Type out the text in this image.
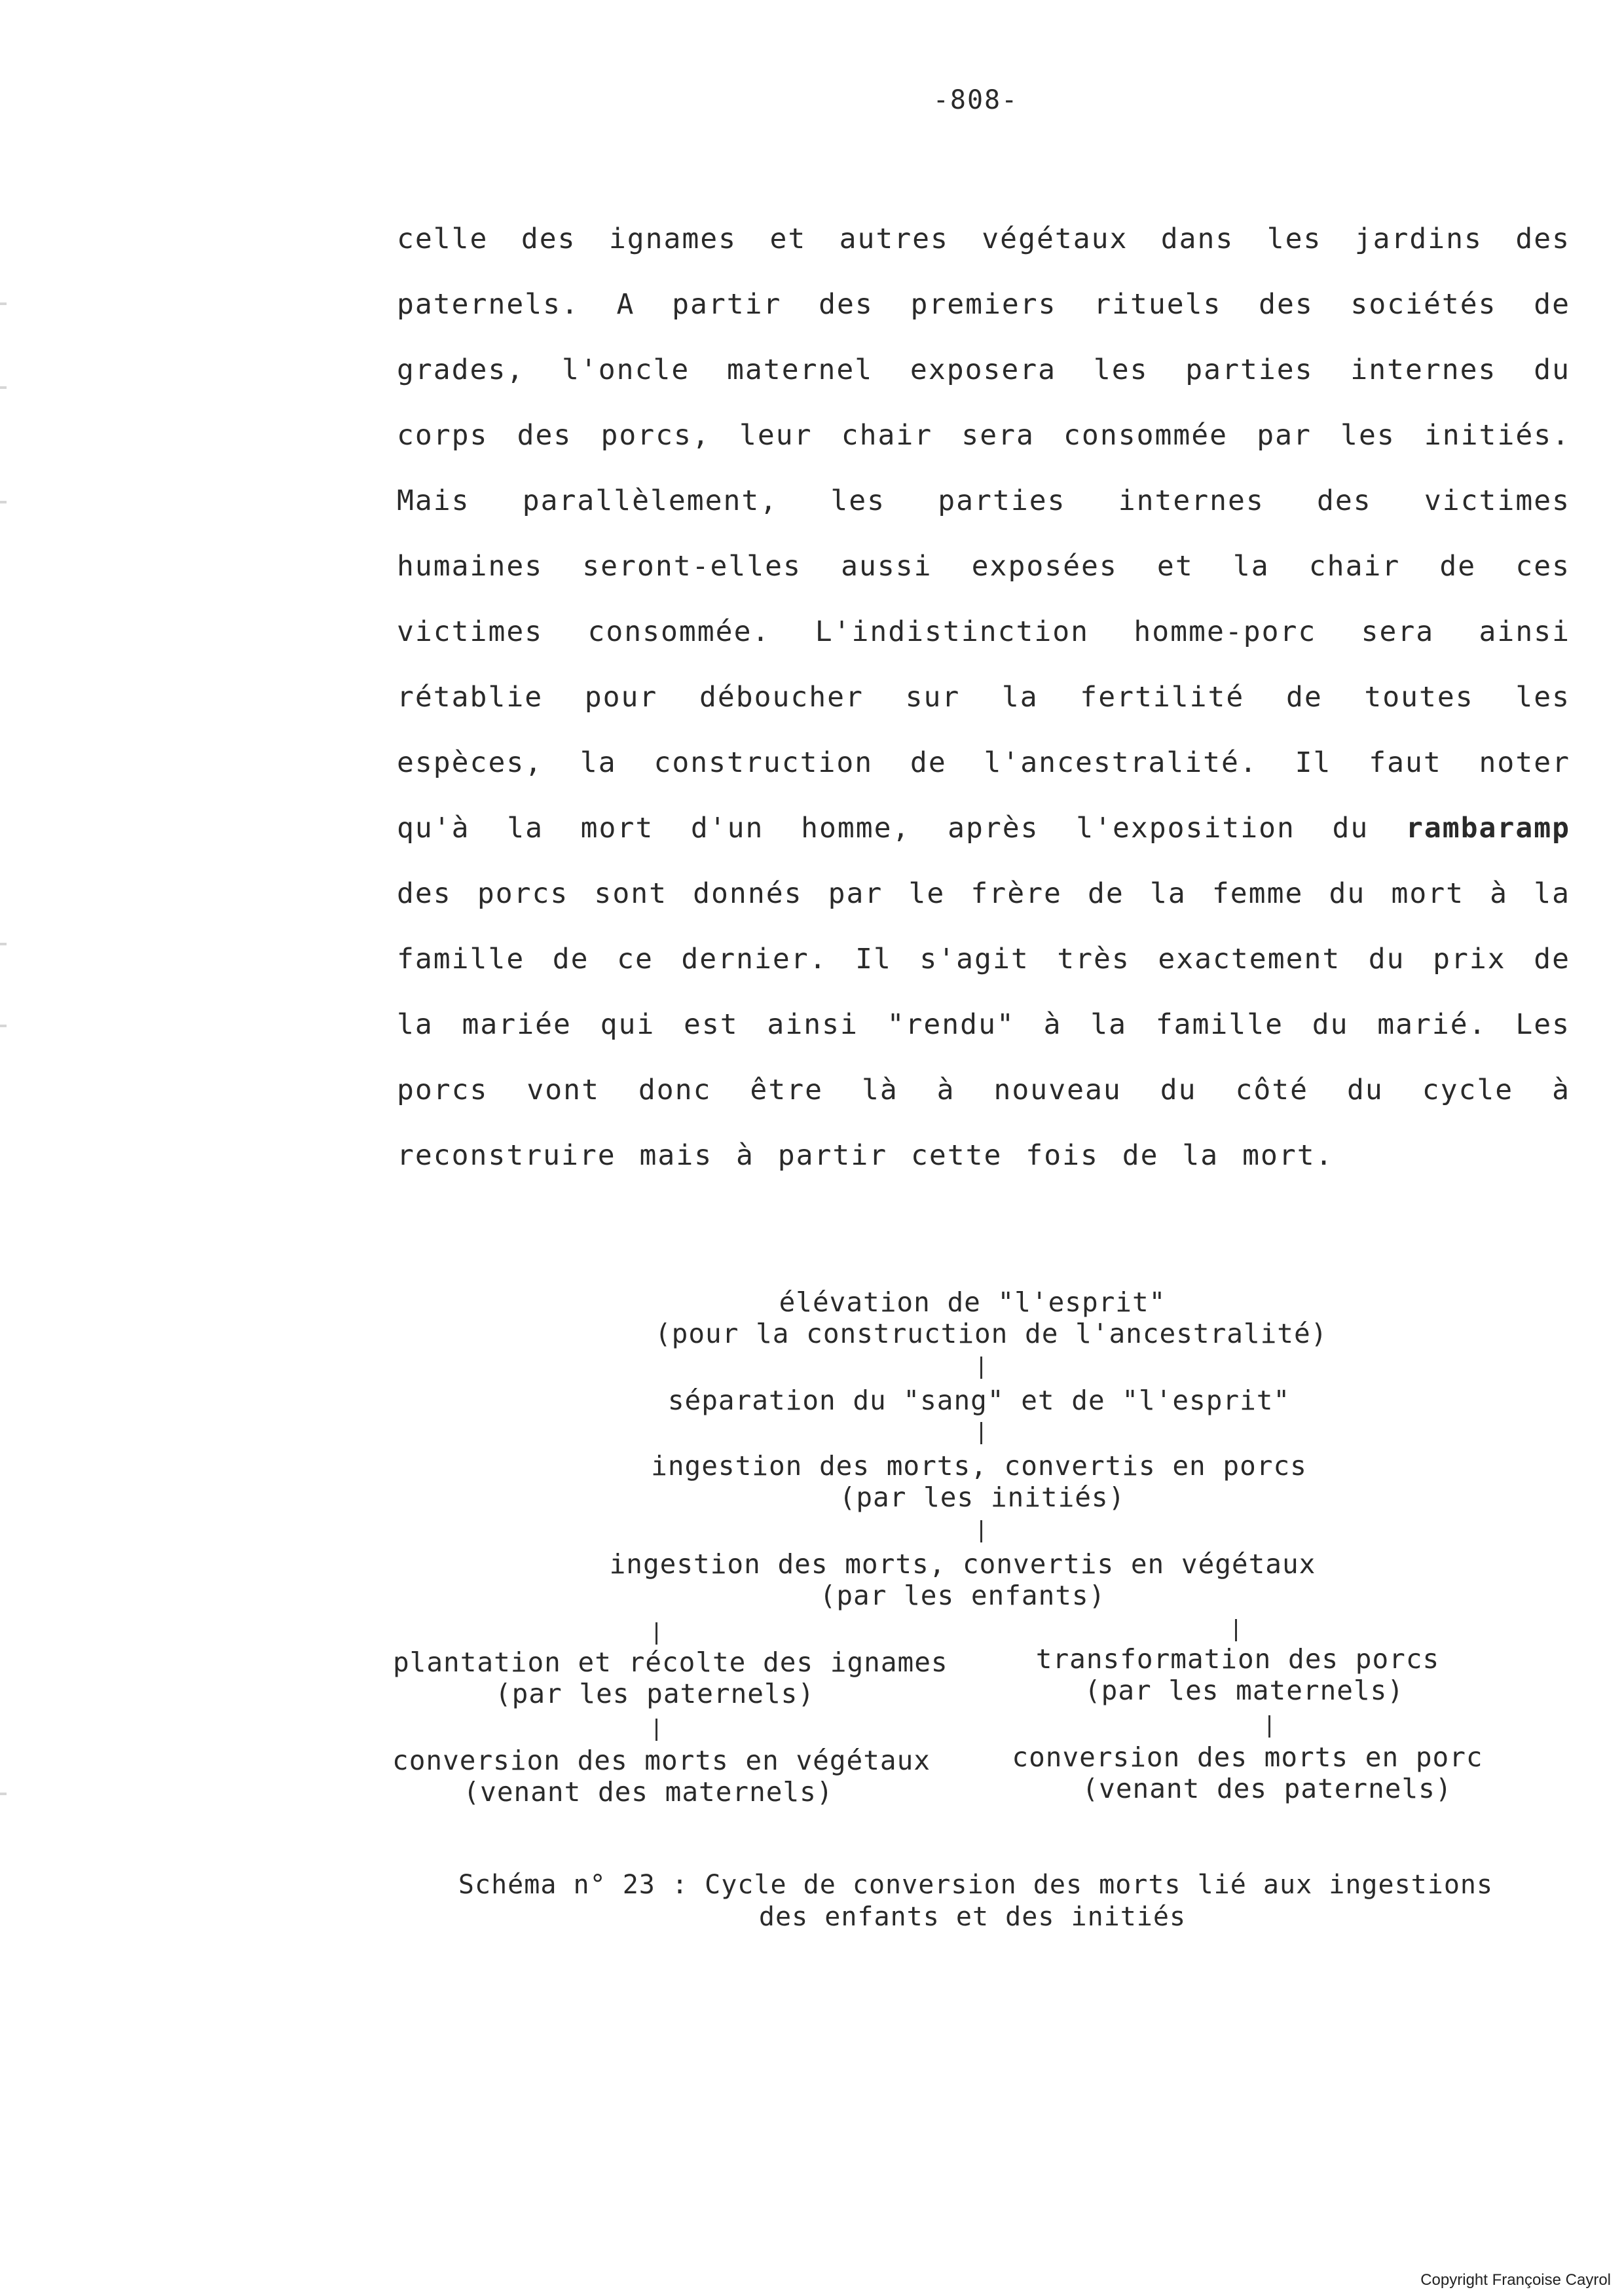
-808-
celle des ignames et autres végétaux dans les jardins des
paternels. A partir des premiers rituels des sociétés de
grades, l'oncle maternel exposera les parties internes du
corps des porcs, leur chair sera consommée par les initiés.
Mais parallèlement, les parties internes des victimes
humaines seront-elles aussi exposées et la chair de ces
victimes consommée. L'indistinction homme-porc sera ainsi
rétablie pour déboucher sur la fertilité de toutes les
espèces, la construction de l'ancestralité. Il faut noter
qu'à la mort d'un homme, après l'exposition du rambaramp
des porcs sont donnés par le frère de la femme du mort à la
famille de ce dernier. Il s'agit très exactement du prix de
la mariée qui est ainsi "rendu" à la famille du marié. Les
porcs vont donc être là à nouveau du côté du cycle à
reconstruire mais à partir cette fois de la mort.
élévation de "l'esprit"
(pour la construction de l'ancestralité)
séparation du "sang" et de "l'esprit"
ingestion des morts, convertis en porcs
(par les initiés)
ingestion des morts, convertis en végétaux
(par les enfants)
plantation et récolte des ignames
(par les paternels)
conversion des morts en végétaux
(venant des maternels)
transformation des porcs
(par les maternels)
conversion des morts en porc
(venant des paternels)
Schéma n° 23 : Cycle de conversion des morts lié aux ingestions
des enfants et des initiés
Copyright Françoise Cayrol
